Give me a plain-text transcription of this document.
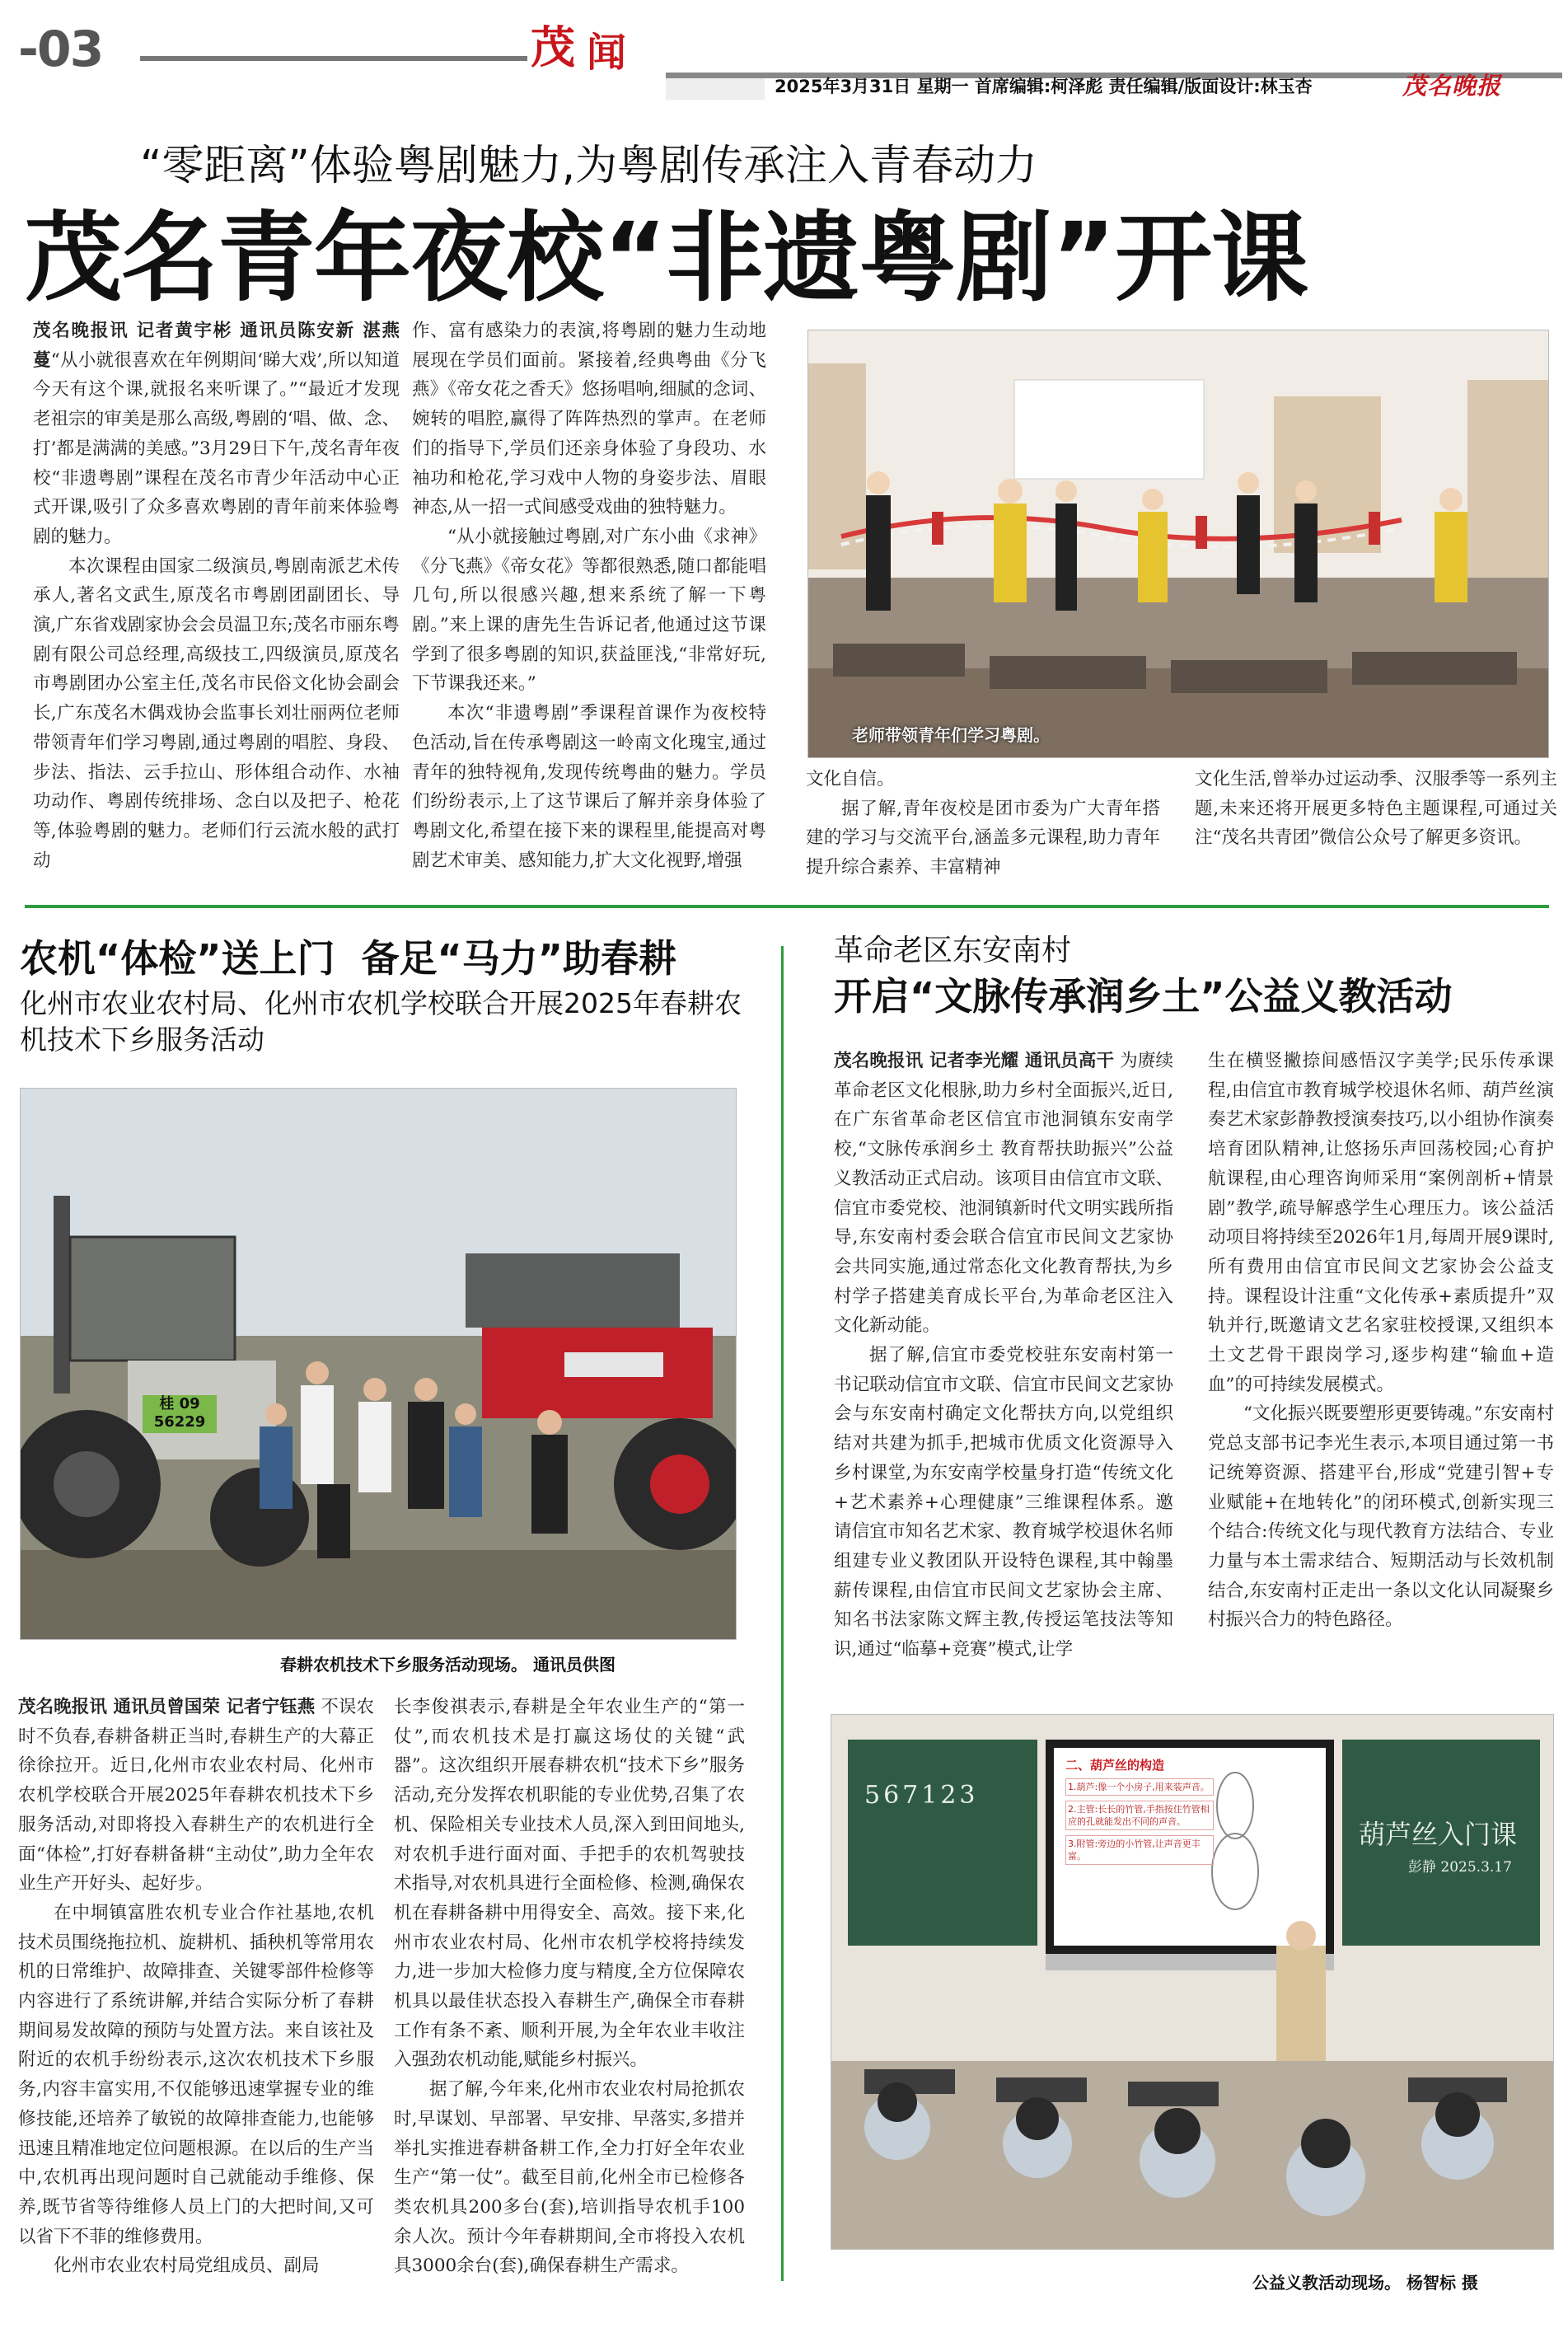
-03	茂 闻
2025年3月31日 星期一 首席编辑:柯泽彪 责任编辑/版面设计:林玉杏	茂名晚报
“零距离”体验粤剧魅力,为粤剧传承注入青春动力
茂名青年夜校“非遗粤剧”开课

茂名晚报讯 记者黄宇彬 通讯员陈安新 湛燕蔓“从小就很喜欢在年例期间‘睇大戏’,所以知道今天有这个课,就报名来听课了。”“最近才发现老祖宗的审美是那么高级,粤剧的‘唱、做、念、打’都是满满的美感。”3月29日下午,茂名青年夜校“非遗粤剧”课程在茂名市青少年活动中心正式开课,吸引了众多喜欢粤剧的青年前来体验粤剧的魅力。

本次课程由国家二级演员,粤剧南派艺术传承人,著名文武生,原茂名市粤剧团副团长、导演,广东省戏剧家协会会员温卫东;茂名市丽东粤剧有限公司总经理,高级技工,四级演员,原茂名市粤剧团办公室主任,茂名市民俗文化协会副会长,广东茂名木偶戏协会监事长刘壮丽两位老师带领青年们学习粤剧,通过粤剧的唱腔、身段、步法、指法、云手拉山、形体组合动作、水袖功动作、粤剧传统排场、念白以及把子、枪花等,体验粤剧的魅力。老师们行云流水般的武打动

作、富有感染力的表演,将粤剧的魅力生动地展现在学员们面前。紧接着,经典粤曲《分飞燕》《帝女花之香夭》悠扬唱响,细腻的念词、婉转的唱腔,赢得了阵阵热烈的掌声。在老师们的指导下,学员们还亲身体验了身段功、水袖功和枪花,学习戏中人物的身姿步法、眉眼神态,从一招一式间感受戏曲的独特魅力。

“从小就接触过粤剧,对广东小曲《求神》《分飞燕》《帝女花》等都很熟悉,随口都能唱几句,所以很感兴趣,想来系统了解一下粤剧。”来上课的唐先生告诉记者,他通过这节课学到了很多粤剧的知识,获益匪浅,“非常好玩,下节课我还来。”

本次“非遗粤剧”季课程首课作为夜校特色活动,旨在传承粤剧这一岭南文化瑰宝,通过青年的独特视角,发现传统粤曲的魅力。学员们纷纷表示,上了这节课后了解并亲身体验了粤剧文化,希望在接下来的课程里,能提高对粤剧艺术审美、感知能力,扩大文化视野,增强

老师带领青年们学习粤剧。

文化自信。

据了解,青年夜校是团市委为广大青年搭建的学习与交流平台,涵盖多元课程,助力青年提升综合素养、丰富精神

文化生活,曾举办过运动季、汉服季等一系列主题,未来还将开展更多特色主题课程,可通过关注“茂名共青团”微信公众号了解更多资讯。

农机“体检”送上门  备足“马力”助春耕
化州市农业农村局、化州市农机学校联合开展2025年春耕农机技术下乡服务活动
桂 09
56229
春耕农机技术下乡服务活动现场。 通讯员供图

茂名晚报讯 通讯员曾国荣 记者宁钰燕 不误农时不负春,春耕备耕正当时,春耕生产的大幕正徐徐拉开。近日,化州市农业农村局、化州市农机学校联合开展2025年春耕农机技术下乡服务活动,对即将投入春耕生产的农机进行全面“体检”,打好春耕备耕“主动仗”,助力全年农业生产开好头、起好步。

在中垌镇富胜农机专业合作社基地,农机技术员围绕拖拉机、旋耕机、插秧机等常用农机的日常维护、故障排查、关键零部件检修等内容进行了系统讲解,并结合实际分析了春耕期间易发故障的预防与处置方法。来自该社及附近的农机手纷纷表示,这次农机技术下乡服务,内容丰富实用,不仅能够迅速掌握专业的维修技能,还培养了敏锐的故障排查能力,也能够迅速且精准地定位问题根源。在以后的生产当中,农机再出现问题时自己就能动手维修、保养,既节省等待维修人员上门的大把时间,又可以省下不菲的维修费用。

化州市农业农村局党组成员、副局

长李俊祺表示,春耕是全年农业生产的“第一仗”,而农机技术是打赢这场仗的关键“武器”。这次组织开展春耕农机“技术下乡”服务活动,充分发挥农机职能的专业优势,召集了农机、保险相关专业技术人员,深入到田间地头,对农机手进行面对面、手把手的农机驾驶技术指导,对农机具进行全面检修、检测,确保农机在春耕备耕中用得安全、高效。接下来,化州市农业农村局、化州市农机学校将持续发力,进一步加大检修力度与精度,全方位保障农机具以最佳状态投入春耕生产,确保全市春耕工作有条不紊、顺利开展,为全年农业丰收注入强劲农机动能,赋能乡村振兴。

据了解,今年来,化州市农业农村局抢抓农时,早谋划、早部署、早安排、早落实,多措并举扎实推进春耕备耕工作,全力打好全年农业生产“第一仗”。截至目前,化州全市已检修各类农机具200多台(套),培训指导农机手100余人次。预计今年春耕期间,全市将投入农机具3000余台(套),确保春耕生产需求。

革命老区东安南村
开启“文脉传承润乡土”公益义教活动

茂名晚报讯 记者李光耀 通讯员高干 为赓续革命老区文化根脉,助力乡村全面振兴,近日,在广东省革命老区信宜市池洞镇东安南学校,“文脉传承润乡土 教育帮扶助振兴”公益义教活动正式启动。该项目由信宜市文联、信宜市委党校、池洞镇新时代文明实践所指导,东安南村委会联合信宜市民间文艺家协会共同实施,通过常态化文化教育帮扶,为乡村学子搭建美育成长平台,为革命老区注入文化新动能。

据了解,信宜市委党校驻东安南村第一书记联动信宜市文联、信宜市民间文艺家协会与东安南村确定文化帮扶方向,以党组织结对共建为抓手,把城市优质文化资源导入乡村课堂,为东安南学校量身打造“传统文化+艺术素养+心理健康”三维课程体系。邀请信宜市知名艺术家、教育城学校退休名师组建专业义教团队开设特色课程,其中翰墨薪传课程,由信宜市民间文艺家协会主席、知名书法家陈文辉主教,传授运笔技法等知识,通过“临摹+竞赛”模式,让学

生在横竖撇捺间感悟汉字美学;民乐传承课程,由信宜市教育城学校退休名师、葫芦丝演奏艺术家彭静教授演奏技巧,以小组协作演奏培育团队精神,让悠扬乐声回荡校园;心育护航课程,由心理咨询师采用“案例剖析+情景剧”教学,疏导解惑学生心理压力。该公益活动项目将持续至2026年1月,每周开展9课时,所有费用由信宜市民间文艺家协会公益支持。课程设计注重“文化传承+素质提升”双轨并行,既邀请文艺名家驻校授课,又组织本土文艺骨干跟岗学习,逐步构建“输血+造血”的可持续发展模式。

“文化振兴既要塑形更要铸魂。”东安南村党总支部书记李光生表示,本项目通过第一书记统筹资源、搭建平台,形成“党建引智+专业赋能+在地转化”的闭环模式,创新实现三个结合:传统文化与现代教育方法结合、专业力量与本土需求结合、短期活动与长效机制结合,东安南村正走出一条以文化认同凝聚乡村振兴合力的特色路径。

567123
葫芦丝入门课
彭静 2025.3.17
二、葫芦丝的构造
1.葫芦:像一个小房子,用来装声音。
2.主管:长长的竹管,手指按住竹管相应的孔就能发出不同的声音。
3.附管:旁边的小竹管,让声音更丰富。
公益义教活动现场。 杨智标 摄
